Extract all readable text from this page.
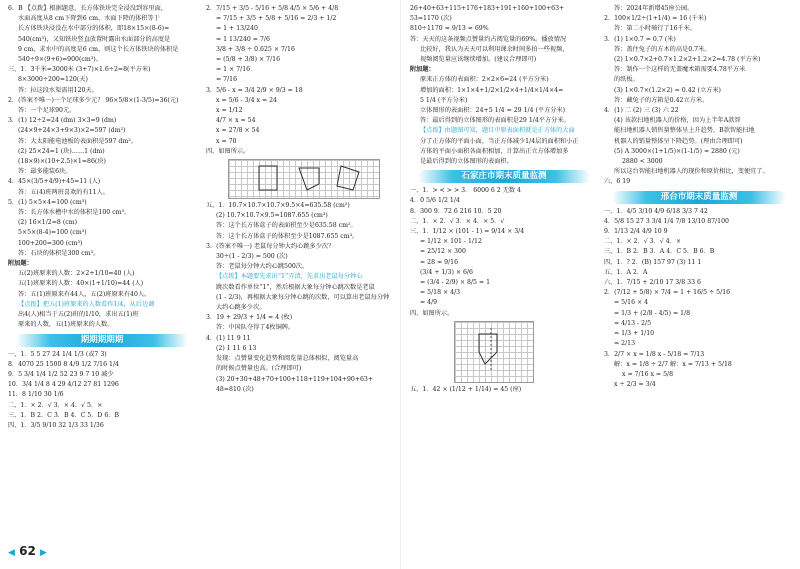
6．B 【点拨】根据题意，长方体铁块完全浸没到容里面，
水面高度从8 cm下降到6 cm，水面下降的体积等于
长方体铁块浸没在水中部分的体积，即18×15×(8-6)=
540(cm³)，又知铁块竖直放置时露出水面部分的高度是
9 cm，求水中的高度是6 cm，则这个长方体铁块的体积是
540÷9×(9+6)=900(cm³)。
三、1．3千米=3000米 (3+7)×1.6÷2=8(平方米)
8×3000÷200=120(天)
答：拉这段水渠需用120天。
2．(答案不唯一)一个足球多少元？ 96×5/8×(1-3/5)=36(元)
答：一个足球90元。
3．(1) 12÷2=24 (dm) 3×3=9 (dm)
(24×9+24×3+9×3)×2=597 (dm²)
答：大太阳能电池板的表面积是597 dm²。
(2) 25×24=1 (块)……1 (dm)
(18×9)×(10+2.5)×1=86(块)
答：最多能装6块。
4．45×(3/5+4/9)+45=11 (人)
答：五(4)班两班喜欢的有11人。
5．(1) 5×5×4=100 (cm³)
答：长方体水槽中水的体积是100 cm³。
(2) 16×1/2=8 (cm)
5×5×(8-4)=100 (cm³)
100+200=300 (cm³)
答：石块的体积是300 cm³。
附加题：
五(2)班原来的人数：2×2+1/10=40 (人)
五(1)班原来的人数：40×(1+1/10)=44 (人)
答：五(1)班原来有44人，五(2)班原来有40人。
【点拨】把五(1)班原来的人数看作1/4，从后边调
出4(人)相当于五(2)班的1/10，求出五(1)班
原来的人数，五(1)班原来的人数。
期期期期期
一、1．5 5 27 24 1/4 1/3 (或7 3)
8．4070 25 1500 8 4/9 1/2 7/16 1/4
9．5 3/4 1/4 1/2 52 23 9 7 10 减少
10．3/4 1/4 8 4 29 4/12 27 81 1296
11．8 1/10 30 1/6
二、1．× 2．√ 3．× 4．√ 5．×
三、1．B 2．C 3．B 4．C 5．D 6．B
四、1．3/5 9/10 32 1/3 33 1/36
2．7/15 + 3/5 - 5/16 + 5/8 4/5 × 5/6 + 4/8
= 7/15 + 3/5 + 5/8 + 5/16 = 2/3 + 1/2
= 1 + 13/240
= 1 13/240 = 7/6
3/8 + 3/8 ÷ 0.625 × 7/16
= (5/8 + 3/8) × 7/16
= 1 × 7/16
= 7/16
3．5/6 - x = 3/4 2/9 × 9/3 = 18
x = 5/6 - 3/4 x = 24
x = 1/12
4/7 × x = 54
x = 27/8 × 54
x = 70
四、如图所示。
五、1．10.7×10.7×10.7×9.5×4=635.58 (cm²)
(2) 10.7×10.7×9.5=1087.655 (cm³)
答：这个长方体盒子的表面积至少是635.58 cm²。
答：这个长方体盒子的体积至少是1087.655 cm³。
3．(答案不唯一) 老鼠每分钟大约心跳多少次？
30÷(1 - 2/3) = 500 (次)
答：老鼠每分钟大约心跳500次。
【点拨】本题要先求出“1”弄清，先求出老鼠每分钟心
跳次数看作单位“1”，然后根据大象每分钟心跳次数是老鼠
(1 - 2/3)，再根据大象每分钟心跳的次数，可以算出老鼠每分钟
大约心跳多少次。
3．19 + 29/3 + 1/4 = 4 (枚)
答：中国队夺得了4枚铜牌。
4．(1) 11 9 11
(2) 1 11 6 13
发现：点赞量变化趋势和阅览量总体相似，阅览量高
的时候点赞量也高。(合理即可)
(3) 20+30+48+70+100+118+119+104+90+63+
48=810 (次)
26+40+63+115+176+183+191+160+100+63+
53=1170 (次)
810÷1170 ≈ 9/13 ≈ 69%
答：天天的这条视频点赞量约占阅览量的69%。播放情况
比较好，我认为天天可以利用课余时间多拍一些视频，
视频阅览量应该继续增加。(建议合理即可)
附加题：
原来正方体的表面积：2×2×6=24 (平方分米)
增加的面积：1×1×4+1/2×1/2×4+1/4×1/4×4=
5 1/4 (平方分米)
立体图形的表面积：24+5 1/4 = 29 1/4 (平方分米)
答：最后得到的立体图形的表面积是29 1/4平方分米。
【点拨】由题图可知，题目中原表面积就是正方体的大面
分了正方体的平面小面，当正方体减少1/4层的面积和小正
方体的平面小面积各面积相加，计算出正立方体增加多
是最后得到的立体图形的表面积。
石家庄市期末质量监测
一、1．> < > > 3． 6000 6 2 无数 4
4．0 5/6 1/2 1/4
8．300 9．72 6 216 10．5 20
二、1．× 2．√ 3．× 4．× 5．√
三、1．1/12 × (101 - 1) = 9/14 × 3/4
= 1/12 × 101 - 1/12
= 25/12 × 300
= 28 = 9/16
(3/4 + 1/3) × 6/6
= (3/4 - 2/9) × 8/5 = 1
= 5/18 × 4/3
= 4/9
四、如图所示。
五、1．42 × (1/12 + 1/14) = 45 (座)
答：2024年新增45座公园。
2．100×1/2÷(1+1/4) = 16 (千米)
答：第二小时骑行了16千米。
3．(1) 1×0.7 = 0.7 (米)
答：盖住兔子的方木的高是0.7米。
(2) 1×0.7×2+0.7×1.2×2+1.2×2=4.78 (平方米)
答：制作一个这样的无盖魔术箱需要4.78平方米
的纸板。
(3) 1×0.7×(1.2×2) = 0.42 (立方米)
答：藏兔子的方箱是0.42立方米。
4．(1) 二 (2) 三 (3) 六 22
(4) 该款扫地机器人的价格，因为上半年A款智
能扫地机器人销售量整体呈上升趋势，B款智能扫地
机器人的销量整体呈下降趋势。(理由合理即可)
(5) A 3000×(1+1/5)×(1-1/5) ≈ 2880 (元)
2880 < 3000
所以这台智能扫地机器人的现价和原价相比，变便宜了。
六、6 19
邢台市期末质量监测
一、1．4/5 3/10 4/9 6/18 3/3 7 42
4．5/8 15 27 3 3/4 1/4 7/8 13/10 87/100
9．1/13 2/4 4/9 10 9
二、1．× 2．√ 3．√ 4．×
三、1．B 2．B 3．A 4．C 5．B 6．B
四、1．? 2．(B) 157 97 (3) 11 1
五、1．A 2．A
六、1．7/15 + 2/10 17 3/8 33 6
2．(7/12 + 5/8) × 7/4 = 1 + 16/5 ÷ 5/16
= 5/16 × 4
= 1/3 + (2/8 - 4/5) = 1/8
= 4/13 - 2/5
= 1/3 + 1/10
= 2/13
3．2/7 × x = 1/8 x - 5/18 = 7/13
解：x = 1/8 ÷ 2/7 解：x = 7/13 + 5/18
x = 7/16 x = 5/8
x ÷ 2/3 = 3/4
◀ 62 ▶
